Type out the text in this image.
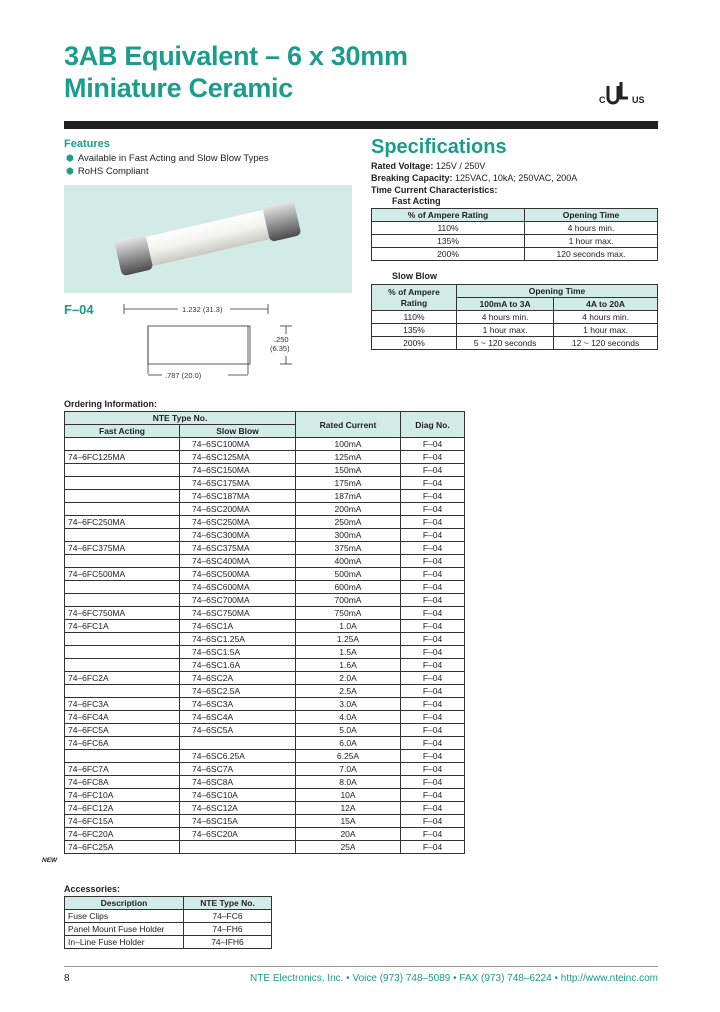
3AB Equivalent – 6 x 30mm
Miniature Ceramic	C	US
Features
⬢ Available in Fast Acting and Slow Blow Types
⬢ RoHS Compliant
F–04	1.232 (31.3)
.250
(6.35)
.787 (20.0)
Specifications
Rated Voltage: 125V / 250V
Breaking Capacity: 125VAC, 10kA; 250VAC, 200A
Time Current Characteristics:
Fast Acting
% of Ampere Rating	Opening Time
110%	4 hours min.
135%	1 hour max.
200%	120 seconds max.
Slow Blow
% of Ampere Rating	Opening Time	
	100mA to 3A	4A to 20A
110%	4 hours min.	4 hours min.
135%	1 hour max.	1 hour max.
200%	5 ~ 120 seconds	12 ~ 120 seconds
Ordering Information:
NTE Type No.		Rated Current	Diag No.
Fast Acting	Slow Blow		
	74–6SC100MA	100mA	F–04
74–6FC125MA	74–6SC125MA	125mA	F–04
	74–6SC150MA	150mA	F–04
	74–6SC175MA	175mA	F–04
	74–6SC187MA	187mA	F–04
	74–6SC200MA	200mA	F–04
74–6FC250MA	74–6SC250MA	250mA	F–04
	74–6SC300MA	300mA	F–04
74–6FC375MA	74–6SC375MA	375mA	F–04
	74–6SC400MA	400mA	F–04
74–6FC500MA	74–6SC500MA	500mA	F–04
	74–6SC600MA	600mA	F–04
	74–6SC700MA	700mA	F–04
74–6FC750MA	74–6SC750MA	750mA	F–04
74–6FC1A	74–6SC1A	1.0A	F–04
	74–6SC1.25A	1.25A	F–04
	74–6SC1.5A	1.5A	F–04
	74–6SC1.6A	1.6A	F–04
74–6FC2A	74–6SC2A	2.0A	F–04
	74–6SC2.5A	2.5A	F–04
74–6FC3A	74–6SC3A	3.0A	F–04
74–6FC4A	74–6SC4A	4.0A	F–04
74–6FC5A	74–6SC5A	5.0A	F–04
74–6FC6A		6.0A	F–04
	74–6SC6.25A	6.25A	F–04
74–6FC7A	74–6SC7A	7.0A	F–04
74–6FC8A	74–6SC8A	8.0A	F–04
74–6FC10A	74–6SC10A	10A	F–04
74–6FC12A	74–6SC12A	12A	F–04
74–6FC15A	74–6SC15A	15A	F–04
74–6FC20A	74–6SC20A	20A	F–04
74–6FC25A		25A	F–04
NEW
Accessories:
Description	NTE Type No.
Fuse Clips	74–FC6
Panel Mount Fuse Holder	74–FH6
In–Line Fuse Holder	74–IFH6
8	NTE Electronics, Inc. • Voice (973) 748–5089 • FAX (973) 748–6224 • http://www.nteinc.com
